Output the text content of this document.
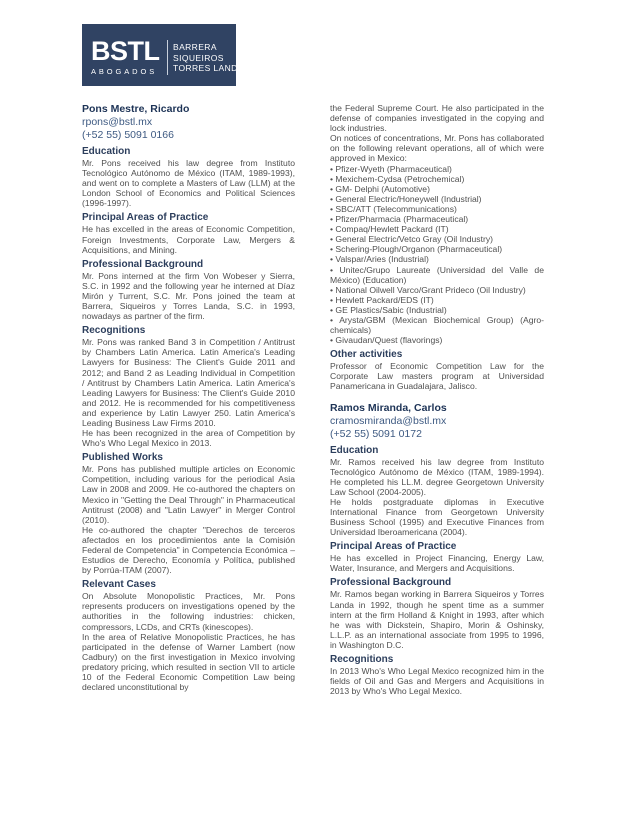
BSTL
ABOGADOS
BARRERA
SIQUEIROS
TORRES LANDA
Pons Mestre, Ricardo
rpons@bstl.mx
(+52 55) 5091 0166
Education

Mr. Pons received his law degree from Instituto Tecnológico Autónomo de México (ITAM, 1989-1993), and went on to complete a Masters of Law (LLM) at the London School of Economics and Political Sciences (1996-1997).

Principal Areas of Practice

He has excelled in the areas of Economic Competition, Foreign Investments, Corporate Law, Mergers & Acquisitions, and Mining.

Professional Background

Mr. Pons interned at the firm Von Wobeser y Sierra, S.C. in 1992 and the following year he interned at Díaz Mirón y Turrent, S.C. Mr. Pons joined the team at Barrera, Siqueiros y Torres Landa, S.C. in 1993, nowadays as partner of the firm.

Recognitions

Mr. Pons was ranked Band 3 in Competition / Antitrust by Chambers Latin America. Latin America's Leading Lawyers for Business: The Client's Guide 2011 and 2012; and Band 2 as Leading Individual in Competition / Antitrust by Chambers Latin America. Latin America's Leading Lawyers for Business: The Client's Guide 2010 and 2012. He is recommended for his competitiveness and experience by Latin Lawyer 250. Latin America's Leading Business Law Firms 2010.

He has been recognized in the area of Competition by Who's Who Legal Mexico in 2013.

Published Works

Mr. Pons has published multiple articles on Economic Competition, including various for the periodical Asia Law in 2008 and 2009. He co-authored the chapters on Mexico in "Getting the Deal Through" in Pharmaceutical Antitrust (2008) and "Latin Lawyer" in Merger Control (2010).

He co-authored the chapter "Derechos de terceros afectados en los procedimientos ante la Comisión Federal de Competencia" in Competencia Económica – Estudios de Derecho, Economía y Política, published by Porrúa-ITAM (2007).

Relevant Cases

On Absolute Monopolistic Practices, Mr. Pons represents producers on investigations opened by the authorities in the following industries: chicken, compressors, LCDs, and CRTs (kinescopes).

In the area of Relative Monopolistic Practices, he has participated in the defense of Warner Lambert (now Cadbury) on the first investigation in Mexico involving predatory pricing, which resulted in section VII to article 10 of the Federal Economic Competition Law being declared unconstitutional by

the Federal Supreme Court. He also participated in the defense of companies investigated in the copying and lock industries.

On notices of concentrations, Mr. Pons has collaborated on the following relevant operations, all of which were approved in Mexico:

• Pfizer-Wyeth (Pharmaceutical)

• Mexichem-Cydsa (Petrochemical)

• GM- Delphi (Automotive)

• General Electric/Honeywell (Industrial)

• SBC/ATT (Telecommunications)

• Pfizer/Pharmacia (Pharmaceutical)

• Compaq/Hewlett Packard (IT)

• General Electric/Vetco Gray (Oil Industry)

• Schering-Plough/Organon (Pharmaceutical)

• Valspar/Aries (Industrial)

• Unitec/Grupo Laureate (Universidad del Valle de México) (Education)

• National Oilwell Varco/Grant Prideco (Oil Industry)

• Hewlett Packard/EDS (IT)

• GE Plastics/Sabic (Industrial)

• Arysta/GBM (Mexican Biochemical Group) (Agro-chemicals)

• Givaudan/Quest (flavorings)

Other activities

Professor of Economic Competition Law for the Corporate Law masters program at Universidad Panamericana in Guadalajara, Jalisco.

Ramos Miranda, Carlos
cramosmiranda@bstl.mx
(+52 55) 5091 0172
Education

Mr. Ramos received his law degree from Instituto Tecnológico Autónomo de México (ITAM, 1989-1994). He completed his LL.M. degree Georgetown University Law School (2004-2005).

He holds postgraduate diplomas in Executive International Finance from Georgetown University Business School (1995) and Executive Finances from Universidad Iberoamericana (2004).

Principal Areas of Practice

He has excelled in Project Financing, Energy Law, Water, Insurance, and Mergers and Acquisitions.

Professional Background

Mr. Ramos began working in Barrera Siqueiros y Torres Landa in 1992, though he spent time as a summer intern at the firm Holland & Knight in 1993, after which he was with Dickstein, Shapiro, Morin & Oshinsky, L.L.P. as an international associate from 1995 to 1996, in Washington D.C.

Recognitions

In 2013 Who's Who Legal Mexico recognized him in the fields of Oil and Gas and Mergers and Acquisitions in 2013 by Who's Who Legal Mexico.
